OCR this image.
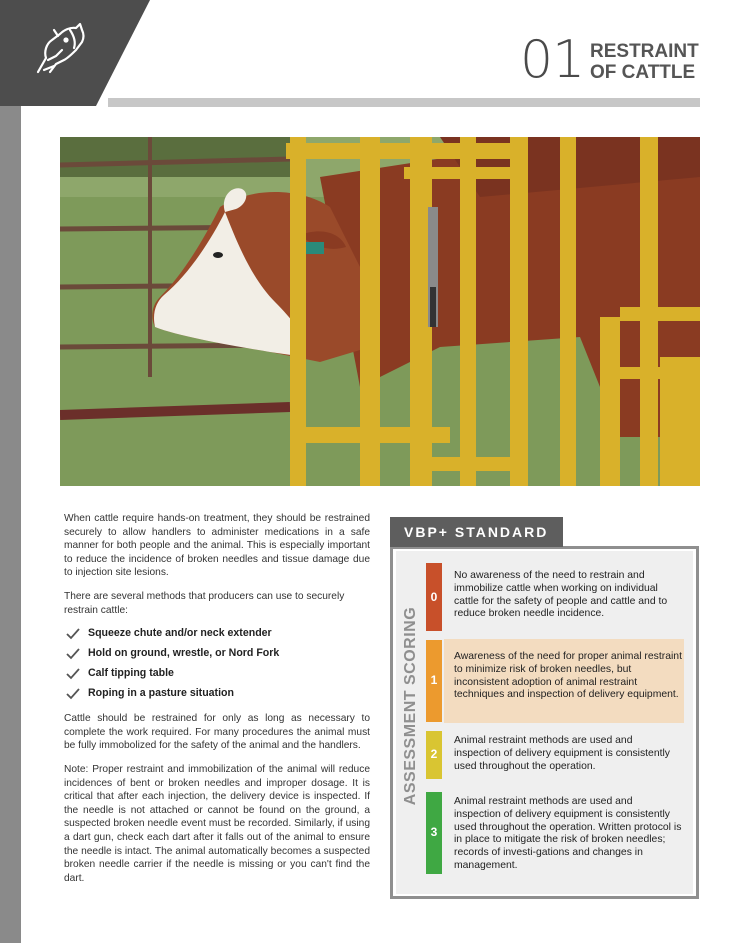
01 RESTRAINT
OF CATTLE

When cattle require hands-on treatment, they should be restrained securely to allow handlers to administer medications in a safe manner for both people and the animal. This is especially important to reduce the incidence of broken needles and tissue damage due to injection site lesions.

There are several methods that producers can use to securely restrain cattle:

Squeeze chute and/or neck extender
Hold on ground, wrestle, or Nord Fork
Calf tipping table
Roping in a pasture situation

Cattle should be restrained for only as long as necessary to complete the work required. For many procedures the animal must be fully immobolized for the safety of the animal and the handlers.

Note: Proper restraint and immobilization of the animal will reduce incidences of bent or broken needles and improper dosage. It is critical that after each injection, the delivery device is inspected. If the needle is not attached or cannot be found on the ground, a suspected broken needle event must be recorded. Similarly, if using a dart gun, check each dart after it falls out of the animal to ensure the needle is intact. The animal automatically becomes a suspected broken needle carrier if the needle is missing or you can't find the dart.

VBP+ STANDARD
ASSESSMENT SCORING
0
No awareness of the need to restrain and immobilize cattle when working on individual cattle for the safety of people and cattle and to reduce broken needle incidence.
1
Awareness of the need for proper animal restraint to minimize risk of broken needles, but inconsistent adoption of animal restraint techniques and inspection of delivery equipment.
2
Animal restraint methods are used and inspection of delivery equipment is consistently used throughout the operation.
3
Animal restraint methods are used and inspection of delivery equipment is consistently used throughout the operation. Written protocol is in place to mitigate the risk of broken needles; records of investi-gations and changes in management.
